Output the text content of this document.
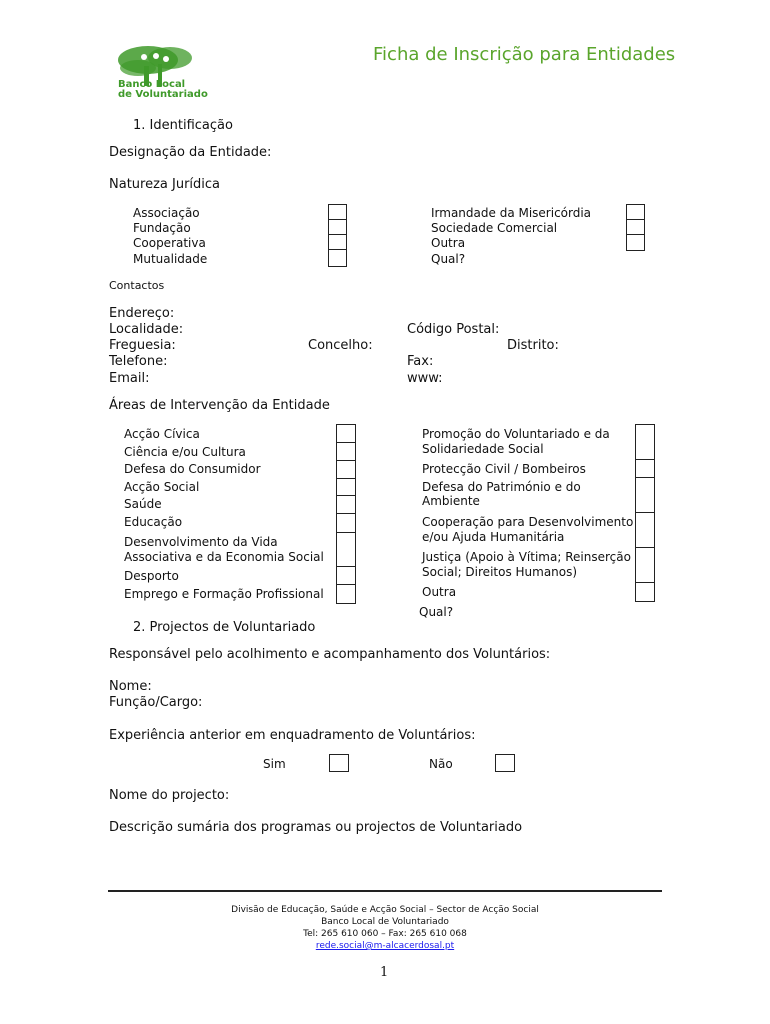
Banco Local
de Voluntariado
Ficha de Inscrição para Entidades
1. Identificação
Designação da Entidade:
Natureza Jurídica
Associação
Fundação
Cooperativa
Mutualidade
Irmandade da Misericórdia
Sociedade Comercial
Outra
Qual?
Contactos
Endereço:
Localidade:	Código Postal:
Freguesia:	Concelho:	Distrito:
Telefone:	Fax:
Email:	www:
Áreas de Intervenção da Entidade
Acção Cívica
Ciência e/ou Cultura
Defesa do Consumidor
Acção Social
Saúde
Educação
Desenvolvimento da Vida
Associativa e da Economia Social
Desporto
Emprego e Formação Profissional
Promoção do Voluntariado e da
Solidariedade Social
Protecção Civil / Bombeiros
Defesa do Património e do
Ambiente
Cooperação para Desenvolvimento
e/ou Ajuda Humanitária
Justiça (Apoio à Vítima; Reinserção
Social; Direitos Humanos)
Outra
Qual?
2. Projectos de Voluntariado
Responsável pelo acolhimento e acompanhamento dos Voluntários:
Nome:
Função/Cargo:
Experiência anterior em enquadramento de Voluntários:
Sim	Não
Nome do projecto:
Descrição sumária dos programas ou projectos de Voluntariado
Divisão de Educação, Saúde e Acção Social – Sector de Acção Social
Banco Local de Voluntariado
Tel: 265 610 060 – Fax: 265 610 068
rede.social@m-alcacerdosal.pt
1
